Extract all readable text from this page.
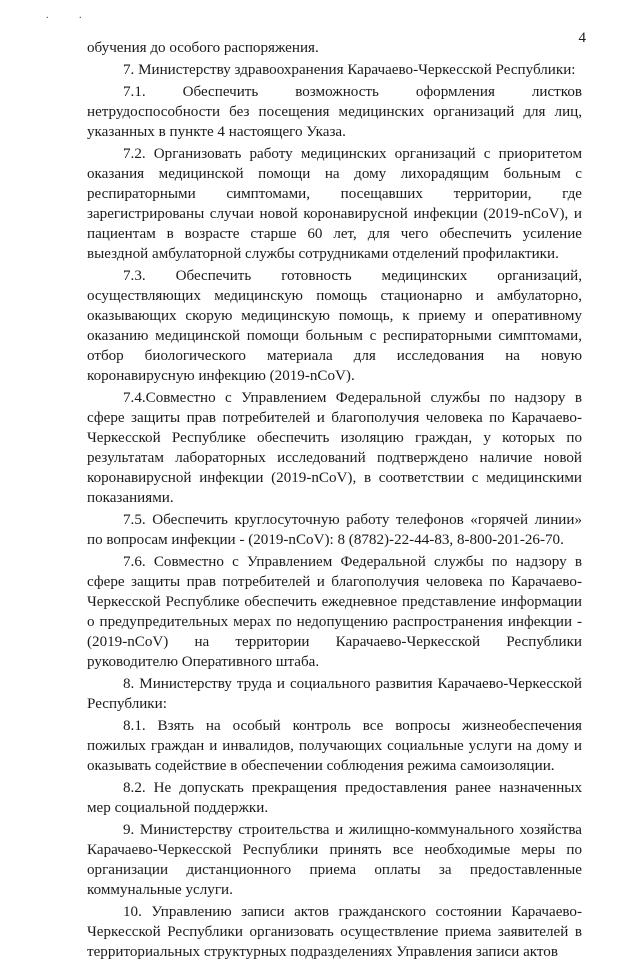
. .
4

обучения до особого распоряжения.

7. Министерству здравоохранения Карачаево-Черкесской Республики:

7.1. Обеспечить возможность оформления листков нетрудоспособности без посещения медицинских организаций для лиц, указанных в пункте 4 настоящего Указа.

7.2. Организовать работу медицинских организаций с приоритетом оказания медицинской помощи на дому лихорадящим больным с респираторными симптомами, посещавших территории, где зарегистрированы случаи новой коронавирусной инфекции (2019-nCoV), и пациентам в возрасте старше 60 лет, для чего обеспечить усиление выездной амбулаторной службы сотрудниками отделений профилактики.

7.3. Обеспечить готовность медицинских организаций, осуществляющих медицинскую помощь стационарно и амбулаторно, оказывающих скорую медицинскую помощь, к приему и оперативному оказанию медицинской помощи больным с респираторными симптомами, отбор биологического материала для исследования на новую коронавирусную инфекцию (2019-nCoV).

7.4.Совместно с Управлением Федеральной службы по надзору в сфере защиты прав потребителей и благополучия человека по Карачаево-Черкесской Республике обеспечить изоляцию граждан, у которых по результатам лабораторных исследований подтверждено наличие новой коронавирусной инфекции (2019-nCoV), в соответствии с медицинскими показаниями.

7.5. Обеспечить круглосуточную работу телефонов «горячей линии» по вопросам инфекции - (2019-nCoV): 8 (8782)-22-44-83, 8-800-201-26-70.

7.6. Совместно с Управлением Федеральной службы по надзору в сфере защиты прав потребителей и благополучия человека по Карачаево-Черкесской Республике обеспечить ежедневное представление информации о предупредительных мерах по недопущению распространения инфекции - (2019-nCoV) на территории Карачаево-Черкесской Республики руководителю Оперативного штаба.

8. Министерству труда и социального развития Карачаево-Черкесской Республики:

8.1. Взять на особый контроль все вопросы жизнеобеспечения пожилых граждан и инвалидов, получающих социальные услуги на дому и оказывать содействие в обеспечении соблюдения режима самоизоляции.

8.2. Не допускать прекращения предоставления ранее назначенных мер социальной поддержки.

9. Министерству строительства и жилищно-коммунального хозяйства Карачаево-Черкесской Республики принять все необходимые меры по организации дистанционного приема оплаты за предоставленные коммунальные услуги.

10. Управлению записи актов гражданского состоянии Карачаево-Черкесской Республики организовать осуществление приема заявителей в территориальных структурных подразделениях Управления записи актов
